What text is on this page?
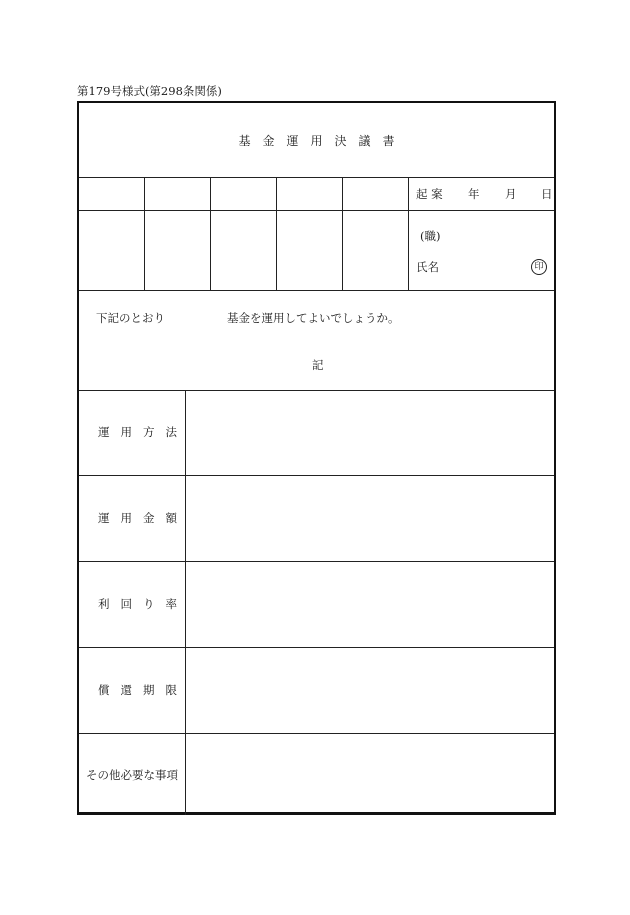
第179号様式(第298条関係)
基金運用決議書
起 案 年 月 日
(職)
氏名	印
下記のとおり	基金を運用してよいでしょうか。
記
運用方法
運用金額
利回り率
償還期限
その他必要な事項
